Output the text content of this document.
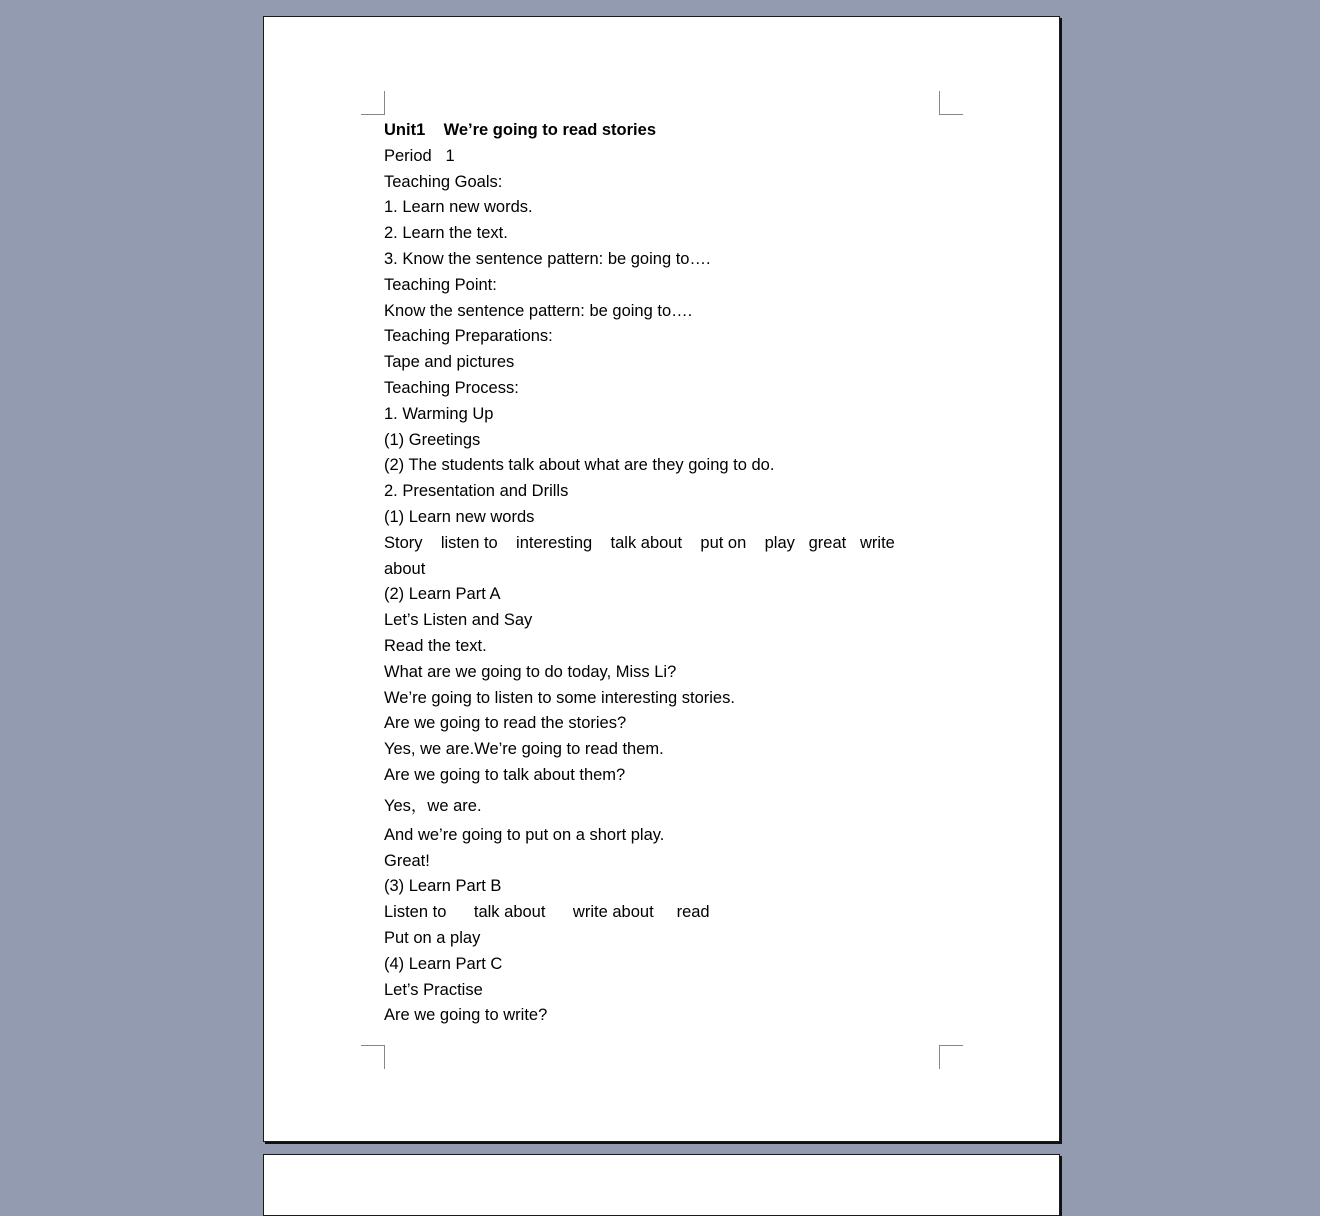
Unit1    We’re going to read stories
Period   1
Teaching Goals:
1. Learn new words.
2. Learn the text.
3. Know the sentence pattern: be going to….
Teaching Point:
Know the sentence pattern: be going to….
Teaching Preparations:
Tape and pictures
Teaching Process:
1. Warming Up
(1) Greetings
(2) The students talk about what are they going to do.
2. Presentation and Drills
(1) Learn new words
Story    listen to    interesting    talk about    put on    play   great   write
about
(2) Learn Part A
Let’s Listen and Say
Read the text.
What are we going to do today, Miss Li?
We’re going to listen to some interesting stories.
Are we going to read the stories?
Yes, we are.We’re going to read them.
Are we going to talk about them?
Yes，we are.
And we’re going to put on a short play.
Great!
(3) Learn Part B
Listen to      talk about      write about     read
Put on a play
(4) Learn Part C
Let’s Practise
Are we going to write?
